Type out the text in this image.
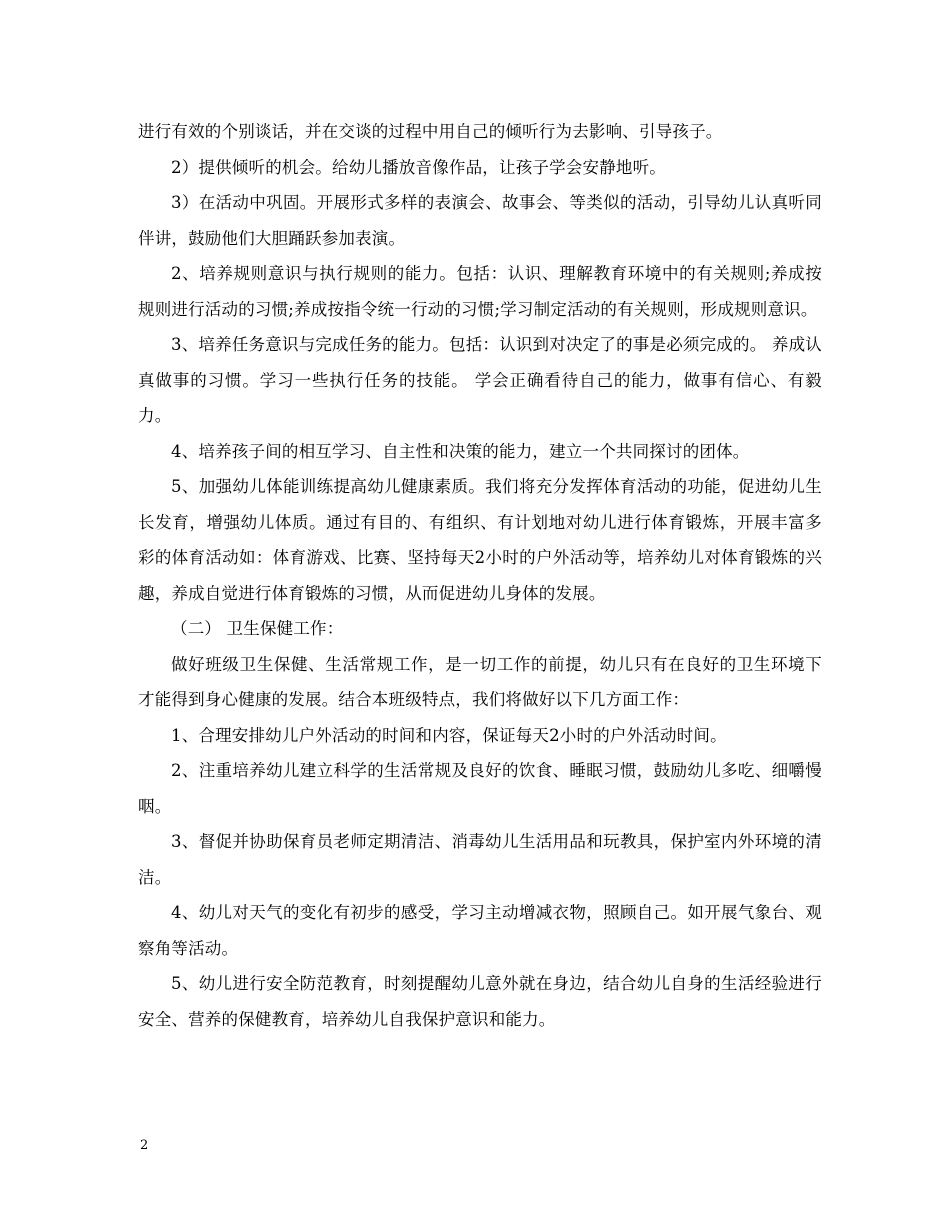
进行有效的个别谈话，并在交谈的过程中用自己的倾听行为去影响、引导孩子。

2）提供倾听的机会。给幼儿播放音像作品，让孩子学会安静地听。

3）在活动中巩固。开展形式多样的表演会、故事会、等类似的活动，引导幼儿认真听同伴讲，鼓励他们大胆踊跃参加表演。

2、培养规则意识与执行规则的能力。包括：认识、理解教育环境中的有关规则;养成按规则进行活动的习惯;养成按指令统一行动的习惯;学习制定活动的有关规则，形成规则意识。

3、培养任务意识与完成任务的能力。包括：认识到对决定了的事是必须完成的。 养成认真做事的习惯。学习一些执行任务的技能。 学会正确看待自己的能力，做事有信心、有毅力。

4、培养孩子间的相互学习、自主性和决策的能力，建立一个共同探讨的团体。

5、加强幼儿体能训练提高幼儿健康素质。我们将充分发挥体育活动的功能，促进幼儿生长发育，增强幼儿体质。通过有目的、有组织、有计划地对幼儿进行体育锻炼，开展丰富多彩的体育活动如：体育游戏、比赛、坚持每天2小时的户外活动等，培养幼儿对体育锻炼的兴趣，养成自觉进行体育锻炼的习惯，从而促进幼儿身体的发展。

（二） 卫生保健工作：

做好班级卫生保健、生活常规工作，是一切工作的前提，幼儿只有在良好的卫生环境下才能得到身心健康的发展。结合本班级特点，我们将做好以下几方面工作：

1、合理安排幼儿户外活动的时间和内容，保证每天2小时的户外活动时间。

2、注重培养幼儿建立科学的生活常规及良好的饮食、睡眠习惯，鼓励幼儿多吃、细嚼慢咽。

3、督促并协助保育员老师定期清洁、消毒幼儿生活用品和玩教具，保护室内外环境的清洁。

4、幼儿对天气的变化有初步的感受，学习主动增减衣物，照顾自己。如开展气象台、观察角等活动。

5、幼儿进行安全防范教育，时刻提醒幼儿意外就在身边，结合幼儿自身的生活经验进行安全、营养的保健教育，培养幼儿自我保护意识和能力。

2
